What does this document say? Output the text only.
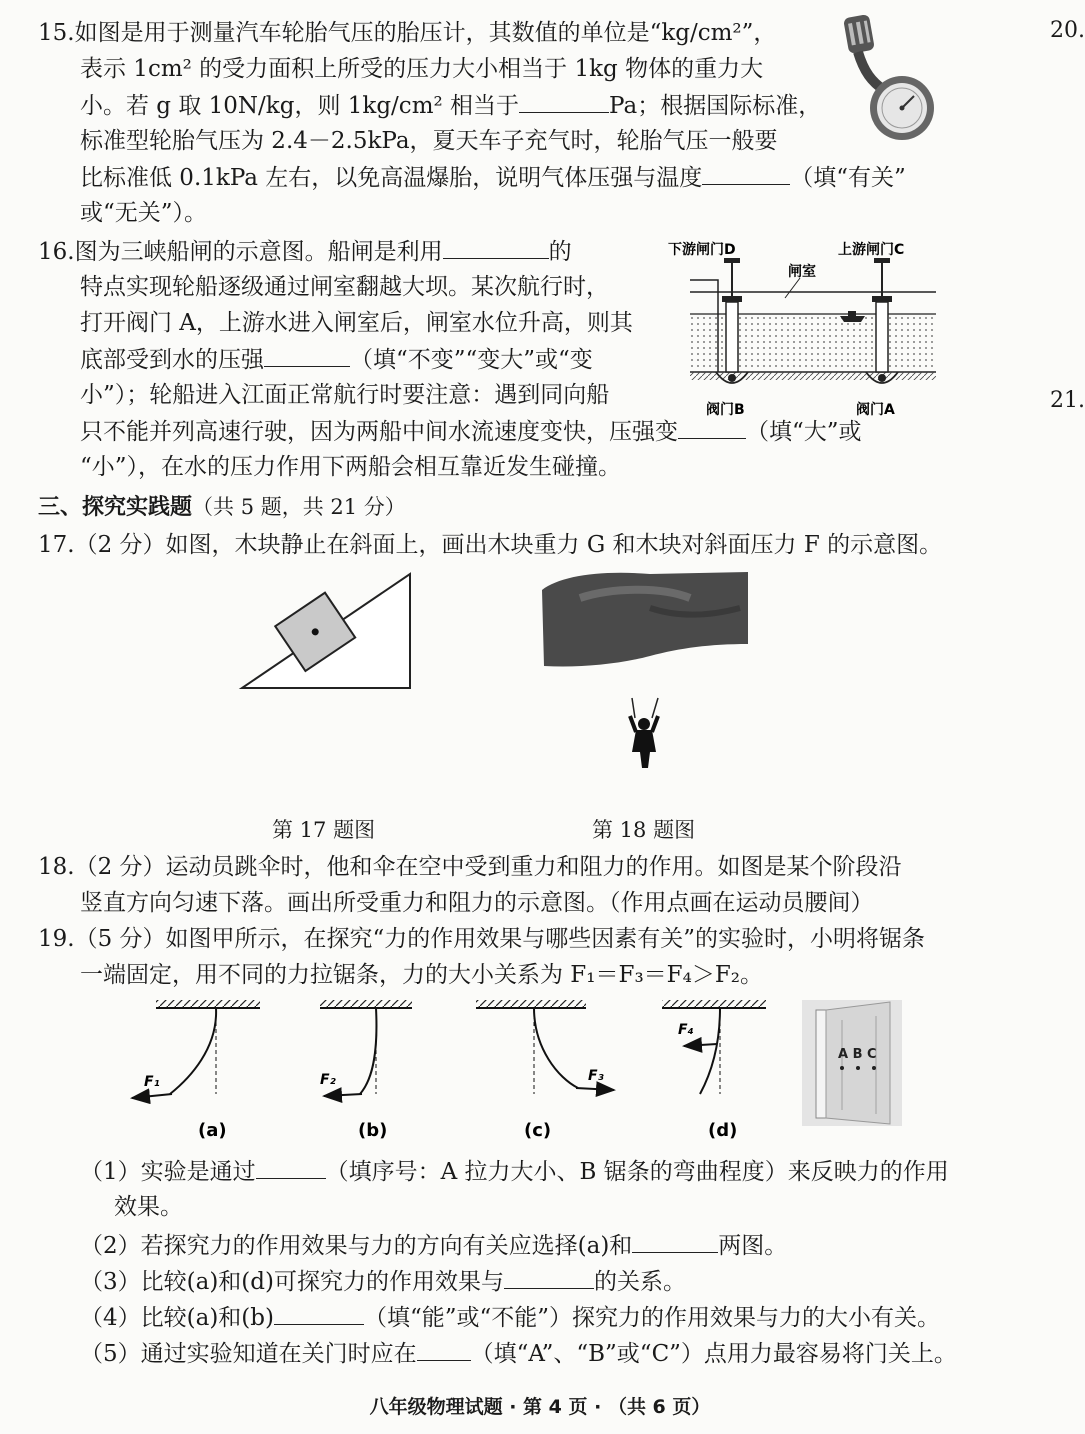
20.
21.
15.如图是用于测量汽车轮胎气压的胎压计，其数值的单位是“kg/cm²”，
表示 1cm² 的受力面积上所受的压力大小相当于 1kg 物体的重力大
小。若 g 取 10N/kg，则 1kg/cm² 相当于	Pa；根据国际标准，
标准型轮胎气压为 2.4－2.5kPa，夏天车子充气时，轮胎气压一般要
比标准低 0.1kPa 左右，以免高温爆胎，说明气体压强与温度	（填“有关”
或“无关”）。
16.图为三峡船闸的示意图。船闸是利用	的
特点实现轮船逐级通过闸室翻越大坝。某次航行时，
打开阀门 A，上游水进入闸室后，闸室水位升高，则其
底部受到水的压强	（填“不变”“变大”或“变
小”）；轮船进入江面正常航行时要注意：遇到同向船
只不能并列高速行驶，因为两船中间水流速度变快，压强变	（填“大”或
“小”），在水的压力作用下两船会相互靠近发生碰撞。
下游闸门D	上游闸门C
闸室
阀门B	阀门A
三、探究实践题（共 5 题，共 21 分）
17.（2 分）如图，木块静止在斜面上，画出木块重力 G 和木块对斜面压力 F 的示意图。
第 17 题图	第 18 题图
18.（2 分）运动员跳伞时，他和伞在空中受到重力和阻力的作用。如图是某个阶段沿
竖直方向匀速下落。画出所受重力和阻力的示意图。（作用点画在运动员腰间）
19.（5 分）如图甲所示，在探究“力的作用效果与哪些因素有关”的实验时，小明将锯条
一端固定，用不同的力拉锯条，力的大小关系为 F₁＝F₃＝F₄＞F₂。
F₁
(a)
F₂
(b)
F₃
(c)
F₄
(d)
A B C
（1）实验是通过	（填序号：A 拉力大小、B 锯条的弯曲程度）来反映力的作用
效果。
（2）若探究力的作用效果与力的方向有关应选择(a)和	两图。
（3）比较(a)和(d)可探究力的作用效果与	的关系。
（4）比较(a)和(b)	（填“能”或“不能”）探究力的作用效果与力的大小有关。
（5）通过实验知道在关门时应在 （填“A”、“B”或“C”）点用力最容易将门关上。
八年级物理试题 · 第 4 页 · （共 6 页）
